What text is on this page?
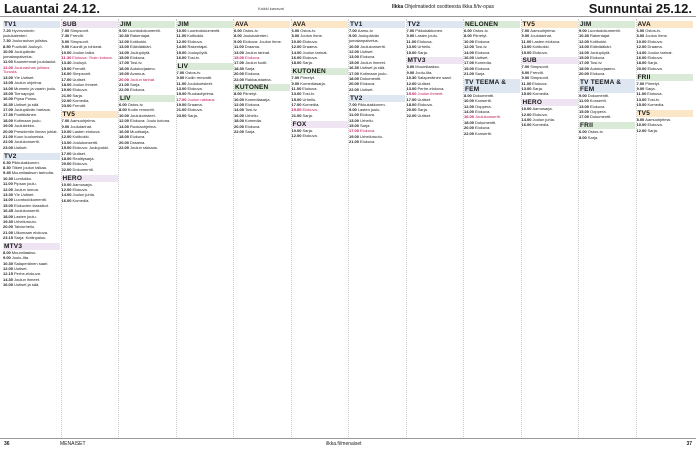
Lauantai 24.12.	Kaikki kanavat	Ilkka Ohjelmatiedot osoitteesta ilkka.fi/tv-opas	Sunnuntai 25.12.
TV1
7.20Hyvinvoinnin joulukalenteri.
7.30Joulurauhan julistus.
8.50Puoliväli Jouluyö.
10.00Joulupäivän jumalanpalvelus.
11.00Kauneimmat joululaulut.
12.00Joulurauhan julistus Turusta.
13.00Yle Uutiset.
13.05Joulun ohjelma.
14.00Mummin ja vaarin joulu.
15.00Tiernapojat.
16.00Pipsa Possu.
16.30Uutiset ja sää.
17.00Joulupäivän hartaus.
17.30Punttikäinen.
18.00Kotimaan joulu.
19.00Joulukirkko.
20.00Presidentin linnan juhlat.
21.00Kuun kuulumisia.
22.00Joulukonsertti.
23.00Uutiset.
TV2
6.30Pikkukakkonen.
8.30Tiikeri joulun taikaa.
9.45Muumilaakson tarinoita.
10.30Lumiukko.
11.00Pipsan joulu.
12.00Joulun lumoa.
13.30Yle Uutiset.
14.00Luontodokumentti.
15.00Elokuvien klassikot.
16.45Joulukonsertti.
18.00Lasten joulu.
19.30Urheiluruutu.
20.00Talviurheilu.
21.00Ulkomaan elokuva.
23.15Sarja: Kotiinpaluu.
MTV3
8.00Muumilaakso.
9.00Joulu-Ilta.
10.30Salaperäinen saari.
12.00Uutiset.
12.15Perhe-elokuva.
14.30Joulun ihmeet.
16.00Uutiset ja sää.
SUB
7.00Simpsonit.
7.30Frendit.
8.00Simpsonit.
9.00Kauniit ja rohkeat.
10.00Joulun taika.
11.30Elokuva: Yksin kotona.
13.40Jouluyö.
15.00Frendit.
16.00Simpsonit.
17.00Uutiset.
18.00Joulun ihmeet.
19.00Elokuva.
21.00Sarja.
22.00Komedia.
23.00Frendit.
TV5
7.00Aamuohjelma.
9.00Joulutarinat.
10.00Lasten elokuva.
12.00Kotikokki.
13.00Joulukonsertti.
15.00Elokuva: Joulupukki.
17.00Uutiset.
18.00Realitysarja.
20.00Elokuva.
22.00Dokumentti.
HERO
10.00Aamusarja.
12.00Elokuva.
14.00Joulun juhla.
16.00Komedia.
JIM
9.00Luontodokumentti.
10.30Rakentajat.
12.00Kotikokki.
13.00Eläinlääkäri.
14.00Joulupöytä.
15.00Elokuva.
17.00Tosi-tv.
18.00Autokorjaamo.
19.00Avaruus.
20.00Joulun tarinat.
21.00Sarja.
22.00Elokuva.
LIV
6.00Ostos-tv.
8.00Kodin remontti.
10.00Joulukoristeet.
12.00Elokuva: Joulu kotona.
14.00Ruokaohjelma.
16.00Muotisarja.
18.00Elokuva.
20.00Draama.
22.00Joulun rakkaus.
JIM
10.00Luontodokumentti.
11.00Kotikokki.
12.00Elokuva.
14.00Rakentajat.
15.00Joulupöytä.
16.00Tosi-tv.
LIV
7.00Ostos-tv.
9.00Kodin remontti.
11.00Joulukoristeet.
13.00Elokuva.
15.00Ruokaohjelma.
17.00Joulun rakkaus.
19.00Draama.
21.00Elokuva.
23.00Sarja.
AVA
6.00Ostos-tv.
8.00Joulukalenteri.
9.00Elokuva: Joulun ihme.
11.00Draama.
13.00Joulun tarinat.
15.00Elokuva.
17.00Joulun kodit.
18.30Sarja.
20.00Elokuva.
22.00Rakkaustarina.
KUTONEN
8.00Piirretyt.
10.00Komediasarja.
12.00Elokuva.
14.00Tosi-tv.
16.00Urheilu.
18.00Komedia.
20.00Elokuva.
22.00Sarja.
AVA
6.00Ostos-tv.
8.00Joulun ihme.
10.00Elokuva.
12.00Draama.
14.00Joulun tarinat.
16.00Elokuva.
18.00Sarja.
KUTONEN
7.00Piirretyt.
9.00Komediasarja.
11.00Elokuva.
13.00Tosi-tv.
15.00Urheilu.
17.00Komedia.
19.00Elokuva.
21.00Sarja.
FOX
10.00Sarja.
12.00Elokuva.
TV1
7.00Aamu-tv.
9.00Joulupäivän jumalanpalvelus.
10.00Joulukonsertti.
12.00Uutiset.
13.00Elokuva.
15.00Joulun ihmeet.
16.30Uutiset ja sää.
17.00Kotimaan joulu.
18.00Dokumentti.
20.00Elokuva.
22.00Uutiset.
TV2
7.00Pikkukakkonen.
9.00Lasten joulu.
11.00Elokuva.
13.00Urheilu.
15.00Sarja.
17.00Elokuva.
19.00Urheiluruutu.
21.00Elokuva.
TV2
7.00Pikkukakkonen.
9.00Lasten joulu.
11.00Elokuva.
13.00Urheilu.
15.00Sarja.
MTV3
8.00Muumilaakso.
9.00Joulu-ilta.
10.30Salaperäinen saari.
12.00Uutiset.
13.00Perhe-elokuva.
15.00Joulun ihmeet.
17.00Uutiset.
18.00Elokuva.
20.00Sarja.
22.00Uutiset.
NELONEN
6.00Ostos-tv.
8.00Piirretyt.
10.00Elokuva.
12.00Tosi-tv.
14.00Elokuva.
16.00Uutiset.
17.00Komedia.
19.00Elokuva.
21.00Sarja.
TV TEEMA & FEM
8.00Dokumentti.
10.00Konsertti.
12.00Ooppera.
14.00Elokuva.
16.00Joulukonsertti.
18.00Dokumentti.
20.00Elokuva.
22.00Konsertti.
TV5
7.00Aamuohjelma.
9.00Joulutarinat.
11.00Lasten elokuva.
13.00Kotikokki.
15.00Elokuva.
SUB
7.00Simpsonit.
8.00Frendit.
9.00Simpsonit.
11.00Elokuva.
13.00Sarja.
15.00Komedia.
HERO
10.00Aamusarja.
12.00Elokuva.
14.00Joulun juhla.
16.00Komedia.
JIM
9.00Luontodokumentti.
10.30Rakentajat.
12.00Kotikokki.
13.00Eläinlääkäri.
14.00Joulupöytä.
15.00Elokuva.
17.00Tosi-tv.
18.00Autokorjaamo.
20.00Elokuva.
TV TEEMA & FEM
9.00Dokumentti.
11.00Konsertti.
13.00Elokuva.
15.00Ooppera.
17.00Dokumentti.
FRII
6.00Ostos-tv.
8.00Sarja.
AVA
6.00Ostos-tv.
8.00Joulun ihme.
10.00Elokuva.
12.00Draama.
14.00Joulun tarinat.
16.00Elokuva.
18.00Sarja.
20.00Elokuva.
FRII
7.00Piirretyt.
9.00Sarja.
11.00Elokuva.
13.00Tosi-tv.
15.00Komedia.
TV5
8.00Aamuohjelma.
10.00Elokuva.
12.00Sarja.
36	MENAISET	ilkka.fi/menaiset	37
